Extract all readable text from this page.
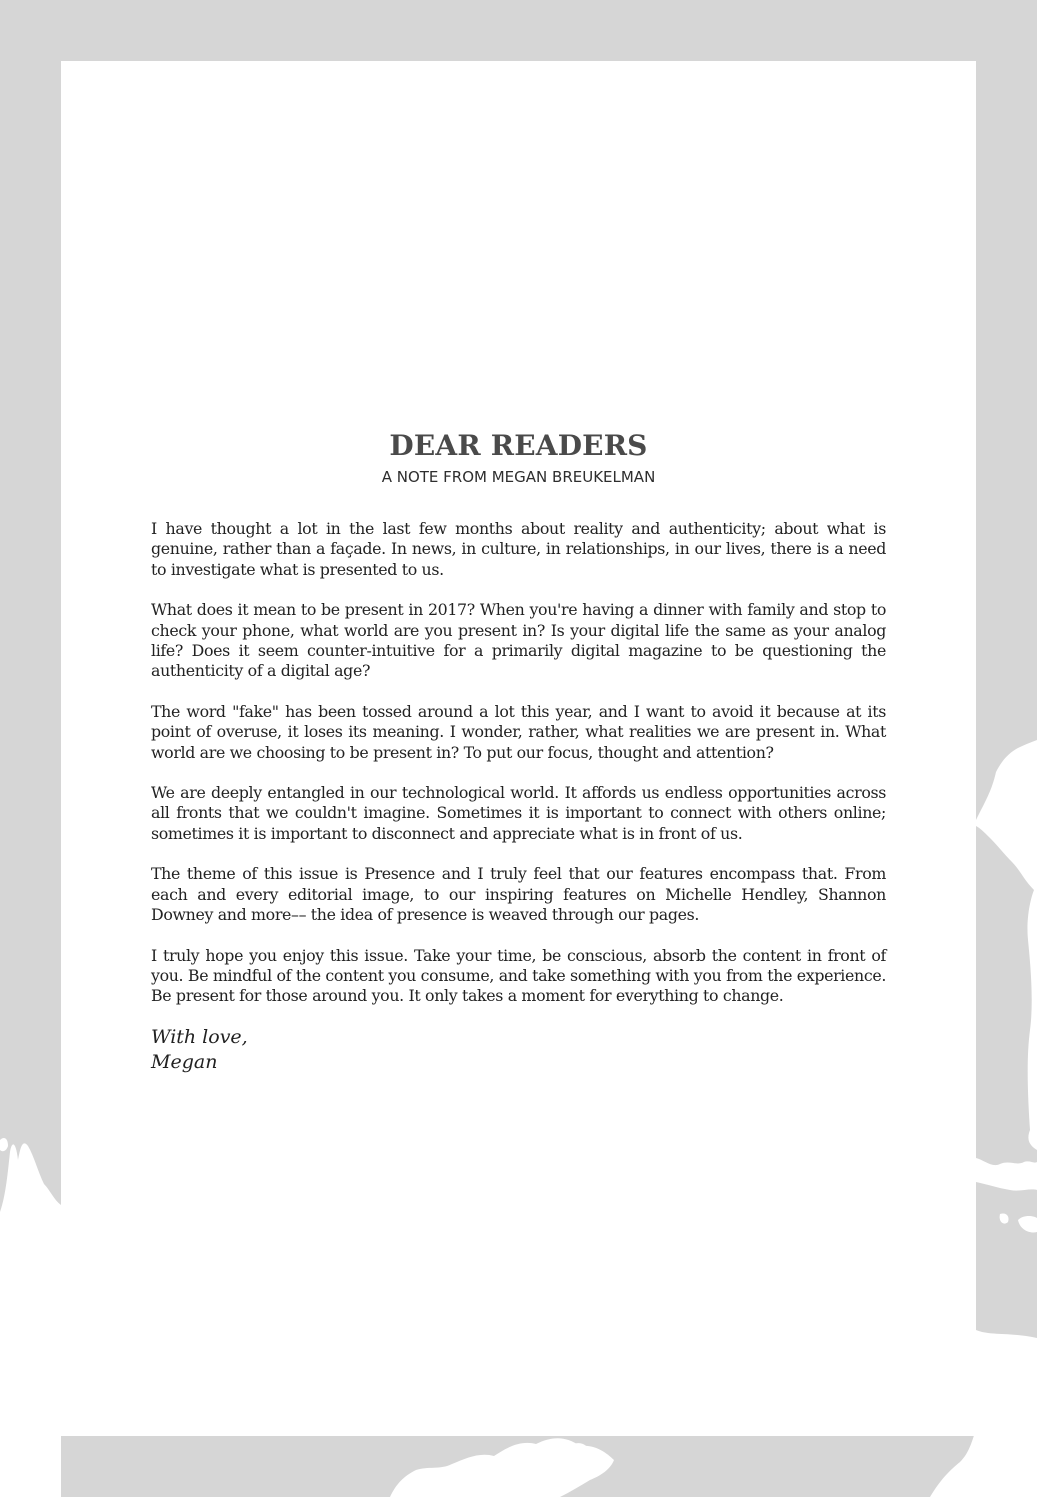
DEAR READERS
A NOTE FROM MEGAN BREUKELMAN

I have thought a lot in the last few months about reality and authenticity; about what is genuine, rather than a façade. In news, in culture, in relationships, in our lives, there is a need to investigate what is presented to us.

What does it mean to be present in 2017? When you're having a dinner with family and stop to check your phone, what world are you present in? Is your digital life the same as your analog life? Does it seem counter-intuitive for a primarily digital magazine to be questioning the authenticity of a digital age?

The word "fake" has been tossed around a lot this year, and I want to avoid it because at its point of overuse, it loses its meaning. I wonder, rather, what realities we are present in. What world are we choosing to be present in? To put our focus, thought and attention?

We are deeply entangled in our technological world. It affords us endless opportunities across all fronts that we couldn't imagine. Sometimes it is important to connect with others online; sometimes it is important to disconnect and appreciate what is in front of us.

The theme of this issue is Presence and I truly feel that our features encompass that. From each and every editorial image, to our inspiring features on Michelle Hendley, Shannon Downey and more–– the idea of presence is weaved through our pages.

I truly hope you enjoy this issue. Take your time, be conscious, absorb the content in front of you. Be mindful of the content you consume, and take something with you from the experience. Be present for those around you. It only takes a moment for everything to change.

With love,
Megan
